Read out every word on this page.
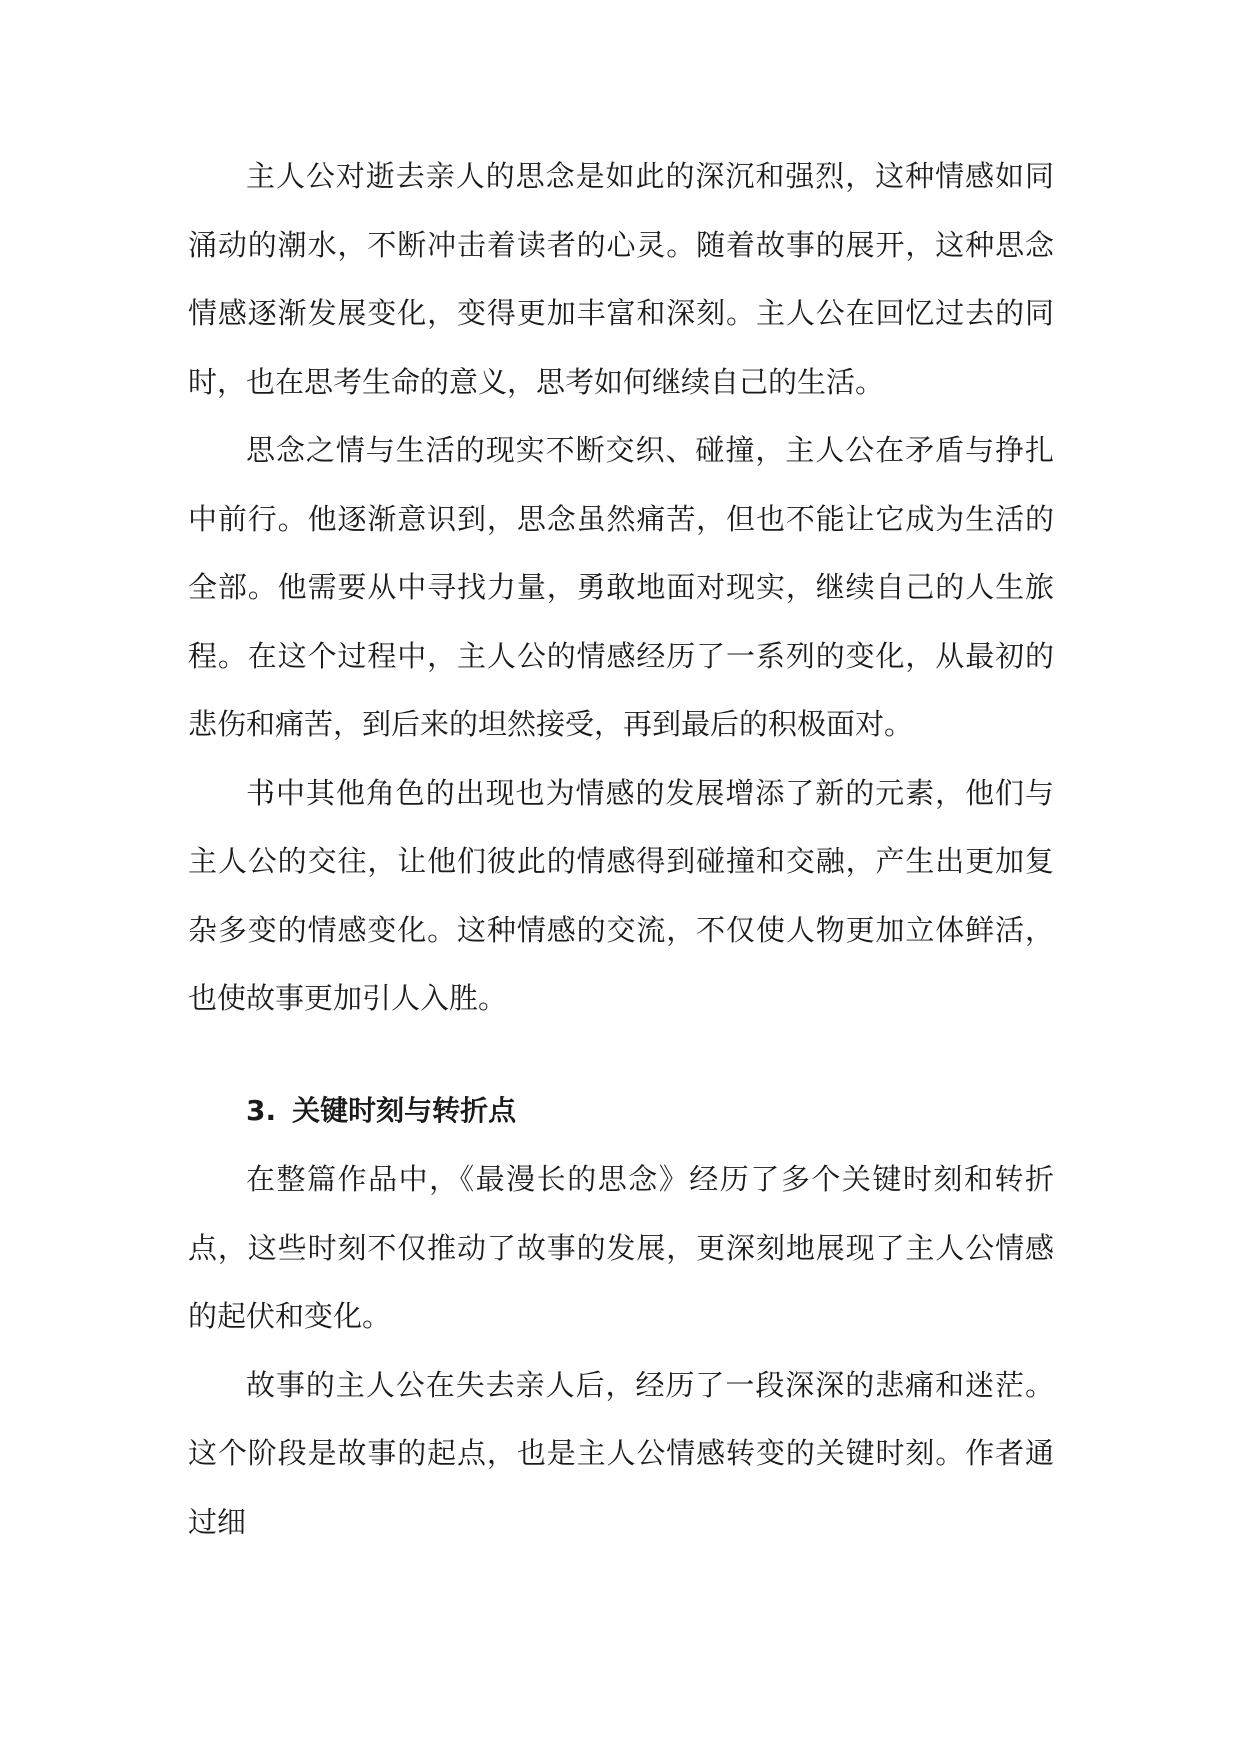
主人公对逝去亲人的思念是如此的深沉和强烈，这种情感如同涌动的潮水，不断冲击着读者的心灵。随着故事的展开，这种思念情感逐渐发展变化，变得更加丰富和深刻。主人公在回忆过去的同时，也在思考生命的意义，思考如何继续自己的生活。

思念之情与生活的现实不断交织、碰撞，主人公在矛盾与挣扎中前行。他逐渐意识到，思念虽然痛苦，但也不能让它成为生活的全部。他需要从中寻找力量，勇敢地面对现实，继续自己的人生旅程。在这个过程中，主人公的情感经历了一系列的变化，从最初的悲伤和痛苦，到后来的坦然接受，再到最后的积极面对。

书中其他角色的出现也为情感的发展增添了新的元素，他们与主人公的交往，让他们彼此的情感得到碰撞和交融，产生出更加复杂多变的情感变化。这种情感的交流，不仅使人物更加立体鲜活，也使故事更加引人入胜。

3. 关键时刻与转折点

在整篇作品中，《最漫长的思念》经历了多个关键时刻和转折点，这些时刻不仅推动了故事的发展，更深刻地展现了主人公情感的起伏和变化。

故事的主人公在失去亲人后，经历了一段深深的悲痛和迷茫。这个阶段是故事的起点，也是主人公情感转变的关键时刻。作者通过细
